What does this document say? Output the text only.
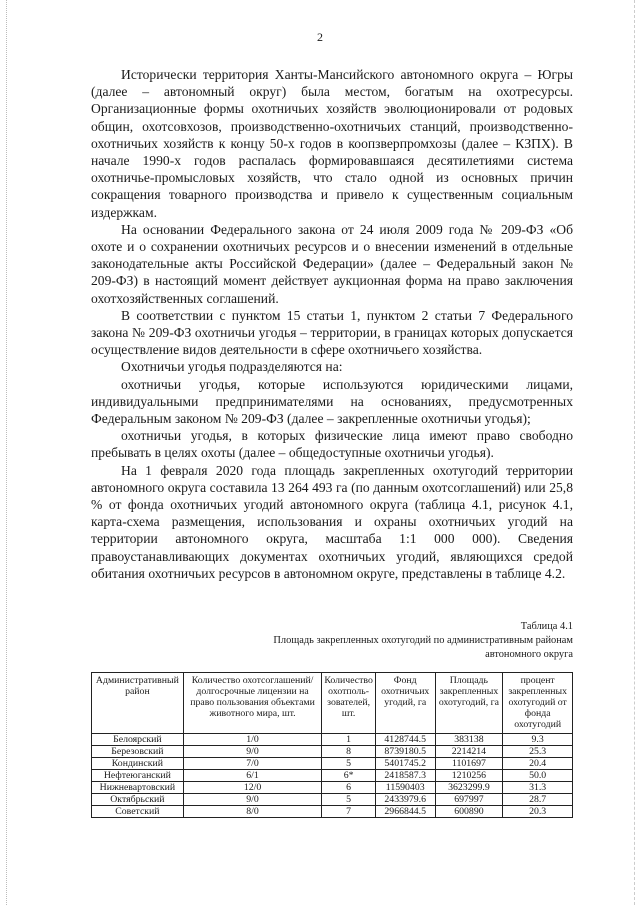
2

Исторически территория Ханты-Мансийского автономного округа – Югры (далее – автономный округ) была местом, богатым на охотресурсы. Организационные формы охотничьих хозяйств эволюционировали от родовых общин, охотсовхозов, производственно-охотничьих станций, производственно-охотничьих хозяйств к концу 50-х годов в коопзверпромхозы (далее – КЗПХ). В начале 1990-х годов распалась формировавшаяся десятилетиями система охотничье-промысловых хозяйств, что стало одной из основных причин сокращения товарного производства и привело к существенным социальным издержкам.

На основании Федерального закона от 24 июля 2009 года № 209-ФЗ «Об охоте и о сохранении охотничьих ресурсов и о внесении изменений в отдельные законодательные акты Российской Федерации» (далее – Федеральный закон № 209-ФЗ) в настоящий момент действует аукционная форма на право заключения охотхозяйственных соглашений.

В соответствии с пунктом 15 статьи 1, пунктом 2 статьи 7 Федерального закона № 209-ФЗ охотничьи угодья – территории, в границах которых допускается осуществление видов деятельности в сфере охотничьего хозяйства.

Охотничьи угодья подразделяются на:

охотничьи угодья, которые используются юридическими лицами, индивидуальными предпринимателями на основаниях, предусмотренных Федеральным законом № 209-ФЗ (далее – закрепленные охотничьи угодья);

охотничьи угодья, в которых физические лица имеют право свободно пребывать в целях охоты (далее – общедоступные охотничьи угодья).

На 1 февраля 2020 года площадь закрепленных охотугодий территории автономного округа составила 13 264 493 га (по данным охотсоглашений) или 25,8 % от фонда охотничьих угодий автономного округа (таблица 4.1, рисунок 4.1, карта-схема размещения, использования и охраны охотничьих угодий на территории автономного округа, масштаба 1:1 000 000). Сведения правоустанавливающих документах охотничьих угодий, являющихся средой обитания охотничьих ресурсов в автономном округе, представлены в таблице 4.2.

Таблица 4.1
Площадь закрепленных охотугодий по административным районам
автономного округа
Административный район	Количество охотсоглашений/долгосрочные лицензии на право пользования объектами животного мира, шт.	Количество охотполь-зователей, шт.	Фонд охотничьих угодий, га	Площадь закрепленных охотугодий, га	процент закрепленных охотугодий от фонда охотугодий
Белоярский	1/0	1	4128744.5	383138	9.3
Березовский	9/0	8	8739180.5	2214214	25.3
Кондинский	7/0	5	5401745.2	1101697	20.4
Нефтеюганский	6/1	6*	2418587.3	1210256	50.0
Нижневартовский	12/0	6	11590403	3623299.9	31.3
Октябрьский	9/0	5	2433979.6	697997	28.7
Советский	8/0	7	2966844.5	600890	20.3
